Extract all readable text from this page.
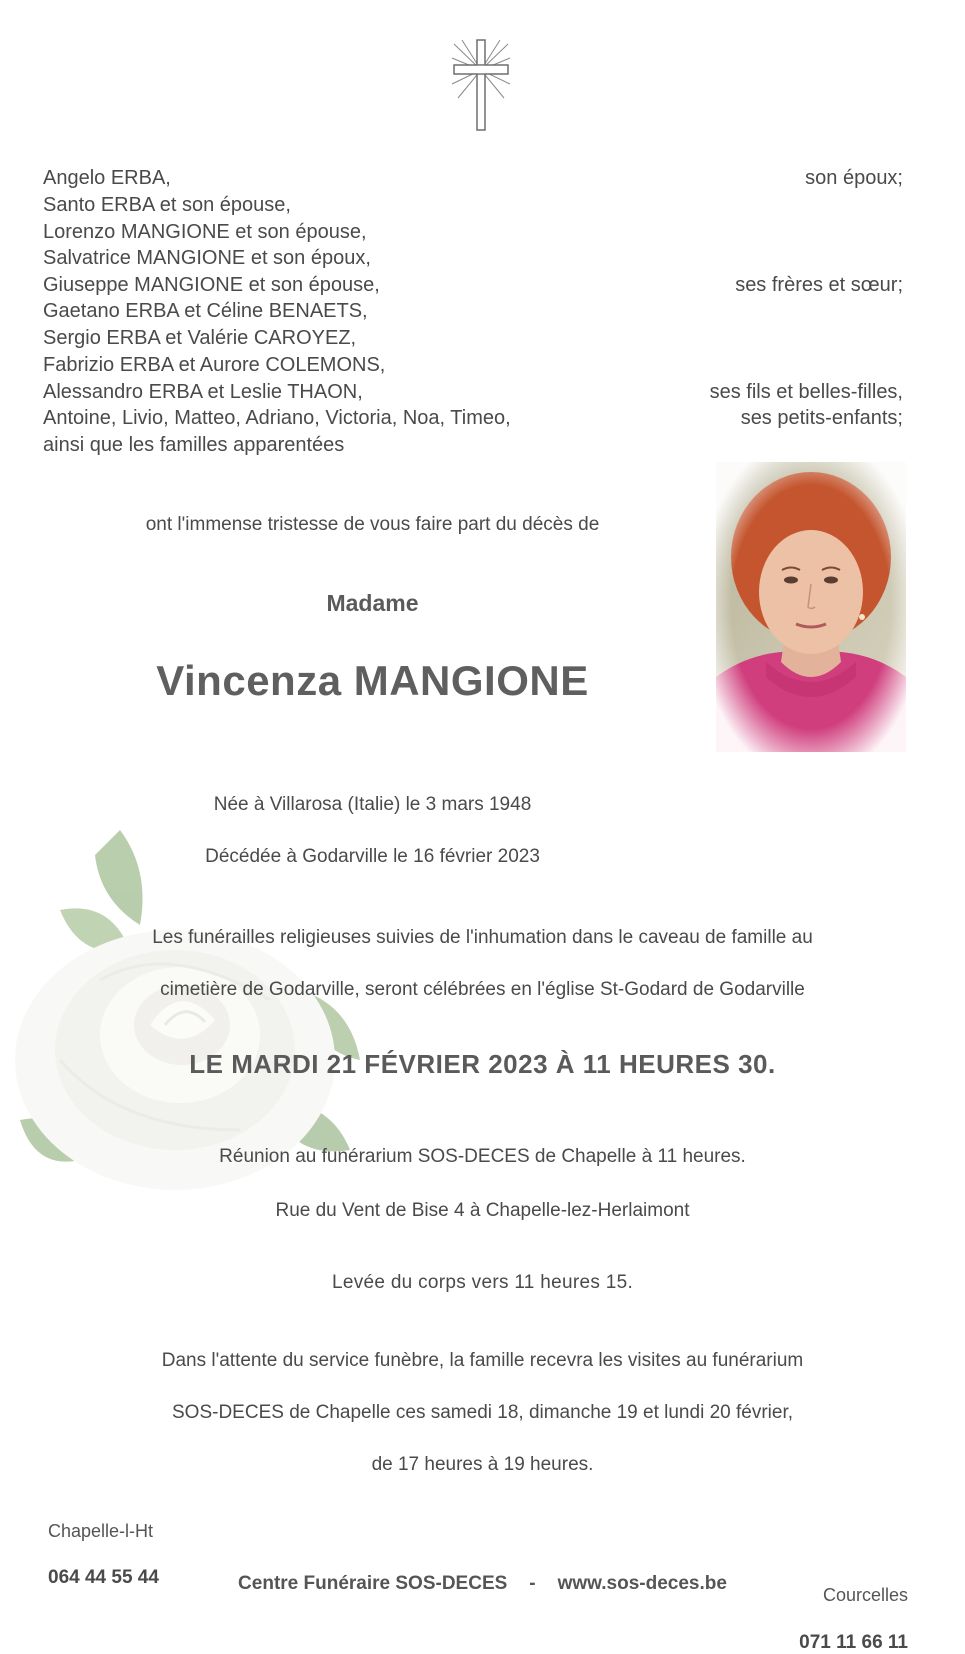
Angelo ERBA,	son époux;
Santo ERBA et son épouse,
Lorenzo MANGIONE et son épouse,
Salvatrice MANGIONE et son époux,
Giuseppe MANGIONE et son épouse,	ses frères et sœur;
Gaetano ERBA et Céline BENAETS,
Sergio ERBA et Valérie CAROYEZ,
Fabrizio ERBA et Aurore COLEMONS,
Alessandro ERBA et Leslie THAON,	ses fils et belles-filles,
Antoine, Livio, Matteo, Adriano, Victoria, Noa, Timeo,	ses petits-enfants;
ainsi que les familles apparentées
ont l'immense tristesse de vous faire part du décès de
Madame
Vincenza MANGIONE
Née à Villarosa (Italie) le 3 mars 1948
Décédée à Godarville le 16 février 2023
Les funérailles religieuses suivies de l'inhumation dans le caveau de famille au
cimetière de Godarville, seront célébrées en l'église St-Godard de Godarville
LE MARDI 21 FÉVRIER 2023 À 11 HEURES 30.
Réunion au funérarium SOS-DECES de Chapelle à 11 heures.
Rue du Vent de Bise 4 à Chapelle-lez-Herlaimont
Levée du corps vers 11 heures 15.
Dans l'attente du service funèbre, la famille recevra les visites au funérarium
SOS-DECES de Chapelle ces samedi 18, dimanche 19 et lundi 20 février,
de 17 heures à 19 heures.
Chapelle-l-Ht
064 44 55 44	Centre Funéraire SOS-DECES - www.sos-deces.be
Courcelles
071 11 66 11
